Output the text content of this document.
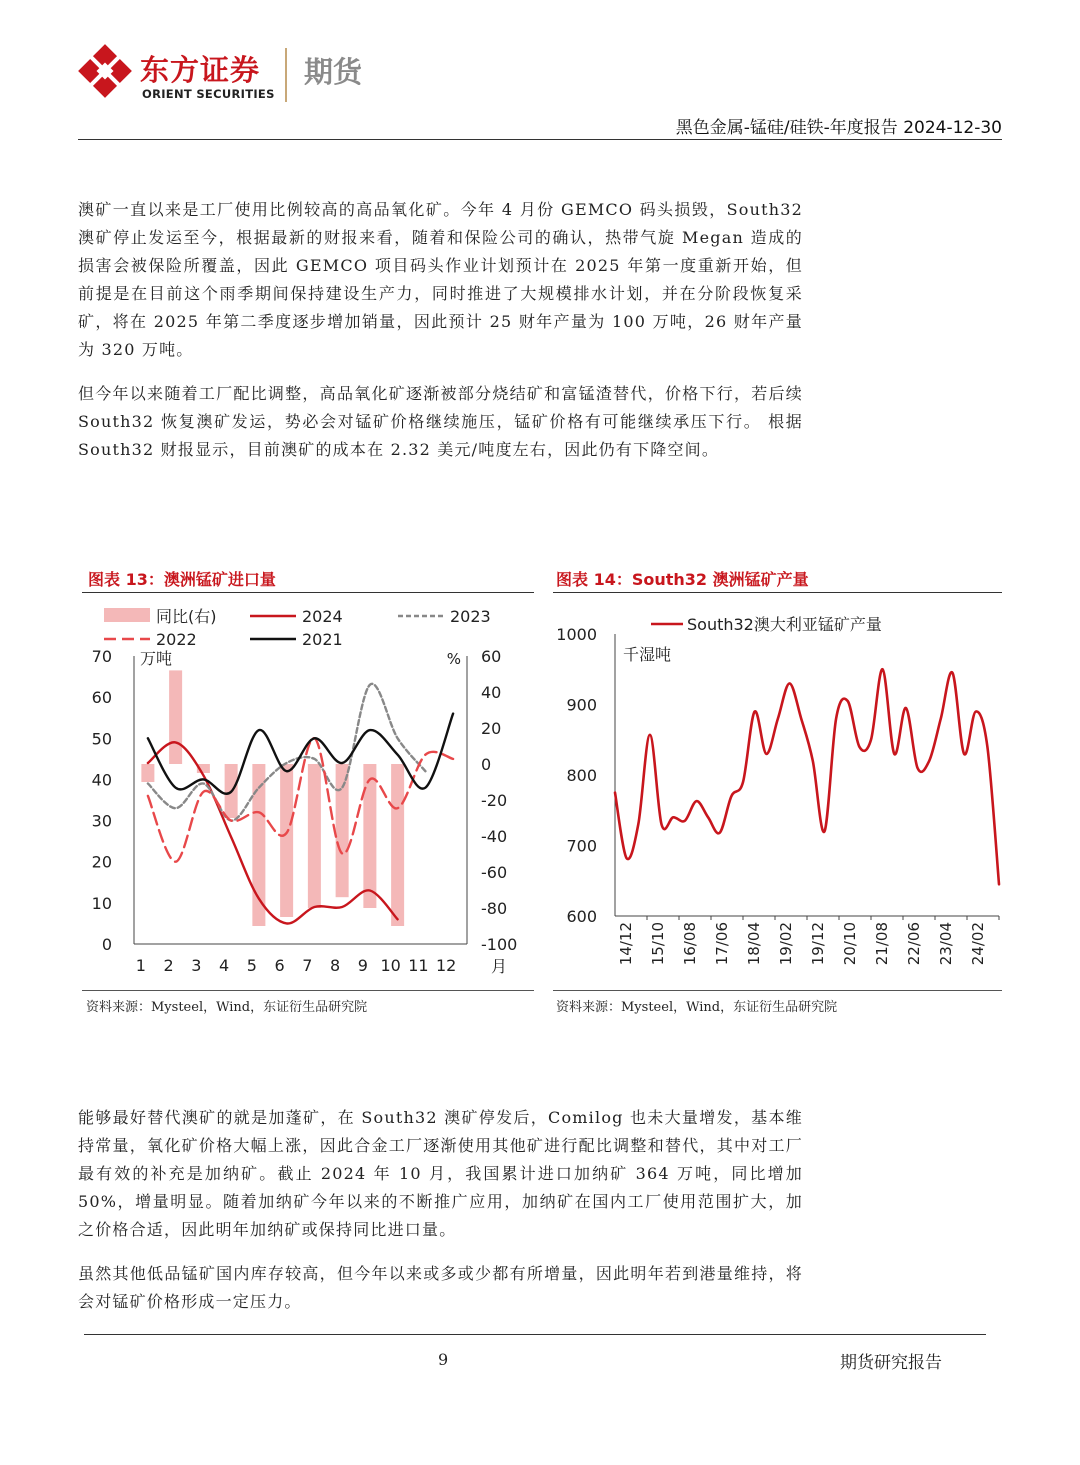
东方证券
ORIENT SECURITIES
期货
黑色金属-锰硅/硅铁-年度报告 2024-12-30

澳矿一直以来是工厂使用比例较高的高品氧化矿。今年 4 月份 GEMCO 码头损毁，South32 澳矿停止发运至今，根据最新的财报来看，随着和保险公司的确认，热带气旋 Megan 造成的损害会被保险所覆盖，因此 GEMCO 项目码头作业计划预计在 2025 年第一度重新开始，但前提是在目前这个雨季期间保持建设生产力，同时推进了大规模排水计划，并在分阶段恢复采矿，将在 2025 年第二季度逐步增加销量，因此预计 25 财年产量为 100 万吨，26 财年产量为 320 万吨。

但今年以来随着工厂配比调整，高品氧化矿逐渐被部分烧结矿和富锰渣替代，价格下行，若后续 South32 恢复澳矿发运，势必会对锰矿价格继续施压，锰矿价格有可能继续承压下行。 根据 South32 财报显示，目前澳矿的成本在 2.32 美元/吨度左右，因此仍有下降空间。

图表 13：澳洲锰矿进口量
0
10
20
30
40
50
60
70
-100
-80
-60
-40
-20
0
20
40
60
万吨	%
1 2 3 4 5 6 7 8 9 10 11 12 月
同比(右)	2024	2023
2022	2021
资料来源：Mysteel，Wind，东证衍生品研究院
图表 14：South32 澳洲锰矿产量
600
700
800
900
1000
千湿吨
14/12 15/10 16/08 17/06 18/04 19/02 19/12 20/10 21/08 22/06 23/04 24/02
South32澳大利亚锰矿产量
资料来源：Mysteel，Wind，东证衍生品研究院

能够最好替代澳矿的就是加蓬矿，在 South32 澳矿停发后，Comilog 也未大量增发，基本维持常量，氧化矿价格大幅上涨，因此合金工厂逐渐使用其他矿进行配比调整和替代，其中对工厂最有效的补充是加纳矿。截止 2024 年 10 月，我国累计进口加纳矿 364 万吨，同比增加 50%，增量明显。随着加纳矿今年以来的不断推广应用，加纳矿在国内工厂使用范围扩大，加之价格合适，因此明年加纳矿或保持同比进口量。

虽然其他低品锰矿国内库存较高，但今年以来或多或少都有所增量，因此明年若到港量维持，将会对锰矿价格形成一定压力。

9	期货研究报告
